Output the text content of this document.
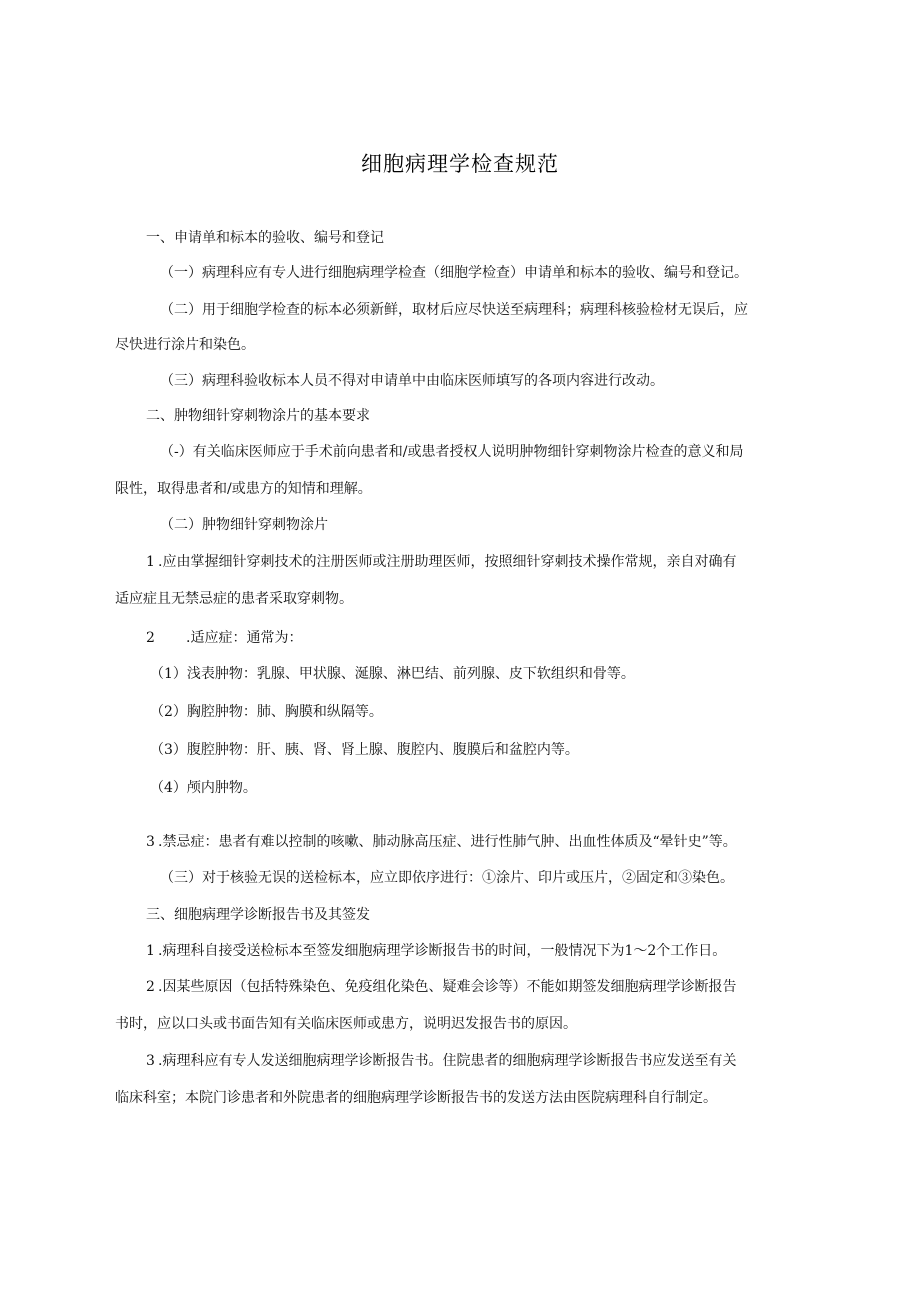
细胞病理学检查规范
一、申请单和标本的验收、编号和登记
（一）病理科应有专人进行细胞病理学检查（细胞学检查）申请单和标本的验收、编号和登记。
（二）用于细胞学检查的标本必须新鲜，取材后应尽快送至病理科；病理科核验检材无误后，应
尽快进行涂片和染色。
（三）病理科验收标本人员不得对申请单中由临床医师填写的各项内容进行改动。
二、肿物细针穿刺物涂片的基本要求
（-）有关临床医师应于手术前向患者和/或患者授权人说明肿物细针穿刺物涂片检查的意义和局
限性，取得患者和/或患方的知情和理解。
（二）肿物细针穿刺物涂片
1 .应由掌握细针穿刺技术的注册医师或注册助理医师，按照细针穿刺技术操作常规，亲自对确有
适应症且无禁忌症的患者采取穿刺物。
2 .适应症：通常为：
（1）浅表肿物：乳腺、甲状腺、涎腺、淋巴结、前列腺、皮下软组织和骨等。
（2）胸腔肿物：肺、胸膜和纵隔等。
（3）腹腔肿物：肝、胰、肾、肾上腺、腹腔内、腹膜后和盆腔内等。
（4）颅内肿物。
3 .禁忌症：患者有难以控制的咳嗽、肺动脉高压症、进行性肺气肿、出血性体质及“晕针史”等。
（三）对于核验无误的送检标本，应立即依序进行：①涂片、印片或压片，②固定和③染色。
三、细胞病理学诊断报告书及其签发
1 .病理科自接受送检标本至签发细胞病理学诊断报告书的时间，一般情况下为1～2个工作日。
2 .因某些原因（包括特殊染色、免疫组化染色、疑难会诊等）不能如期签发细胞病理学诊断报告
书时，应以口头或书面告知有关临床医师或患方，说明迟发报告书的原因。
3 .病理科应有专人发送细胞病理学诊断报告书。住院患者的细胞病理学诊断报告书应发送至有关
临床科室；本院门诊患者和外院患者的细胞病理学诊断报告书的发送方法由医院病理科自行制定。
